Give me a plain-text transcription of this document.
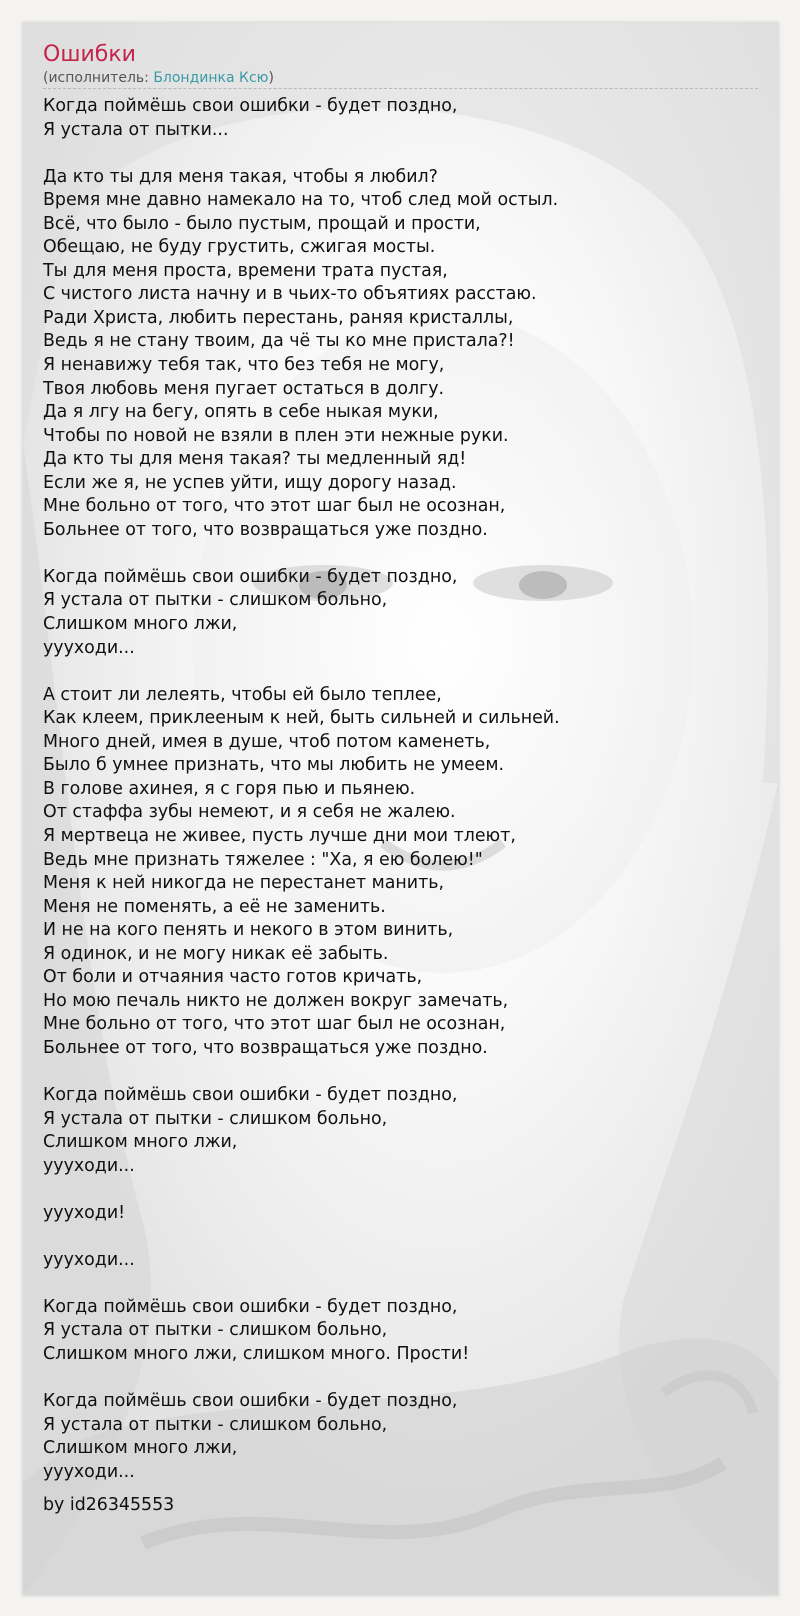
Ошибки
(исполнитель: Блондинка Ксю)
Когда поймёшь свои ошибки - будет поздно,
Я устала от пытки...

Да кто ты для меня такая, чтобы я любил?
Время мне давно намекало на то, чтоб след мой остыл.
Всё, что было - было пустым, прощай и прости,
Обещаю, не буду грустить, сжигая мосты.
Ты для меня проста, времени трата пустая,
С чистого листа начну и в чьих-то объятиях расстаю.
Ради Христа, любить перестань, раняя кристаллы,
Ведь я не стану твоим, да чё ты ко мне пристала?!
Я ненавижу тебя так, что без тебя не могу,
Твоя любовь меня пугает остаться в долгу.
Да я лгу на бегу, опять в себе ныкая муки,
Чтобы по новой не взяли в плен эти нежные руки.
Да кто ты для меня такая? ты медленный яд!
Если же я, не успев уйти, ищу дорогу назад.
Мне больно от того, что этот шаг был не осознан,
Больнее от того, что возвращаться уже поздно.

Когда поймёшь свои ошибки - будет поздно,
Я устала от пытки - слишком больно,
Слишком много лжи,
уууходи...

А стоит ли лелеять, чтобы ей было теплее,
Как клеем, приклееным к ней, быть сильней и сильней.
Много дней, имея в душе, чтоб потом каменеть,
Было б умнее признать, что мы любить не умеем.
В голове ахинея, я с горя пью и пьянею.
От стаффа зубы немеют, и я себя не жалею.
Я мертвеца не живее, пусть лучше дни мои тлеют,
Ведь мне признать тяжелее : "Ха, я ею болею!"
Меня к ней никогда не перестанет манить,
Меня не поменять, а её не заменить.
И не на кого пенять и некого в этом винить,
Я одинок, и не могу никак её забыть.
От боли и отчаяния часто готов кричать,
Но мою печаль никто не должен вокруг замечать,
Мне больно от того, что этот шаг был не осознан,
Больнее от того, что возвращаться уже поздно.

Когда поймёшь свои ошибки - будет поздно,
Я устала от пытки - слишком больно,
Слишком много лжи,
уууходи...

уууходи!

уууходи...

Когда поймёшь свои ошибки - будет поздно,
Я устала от пытки - слишком больно,
Слишком много лжи, слишком много. Прости!

Когда поймёшь свои ошибки - будет поздно,
Я устала от пытки - слишком больно,
Слишком много лжи,
уууходи...
by id26345553
